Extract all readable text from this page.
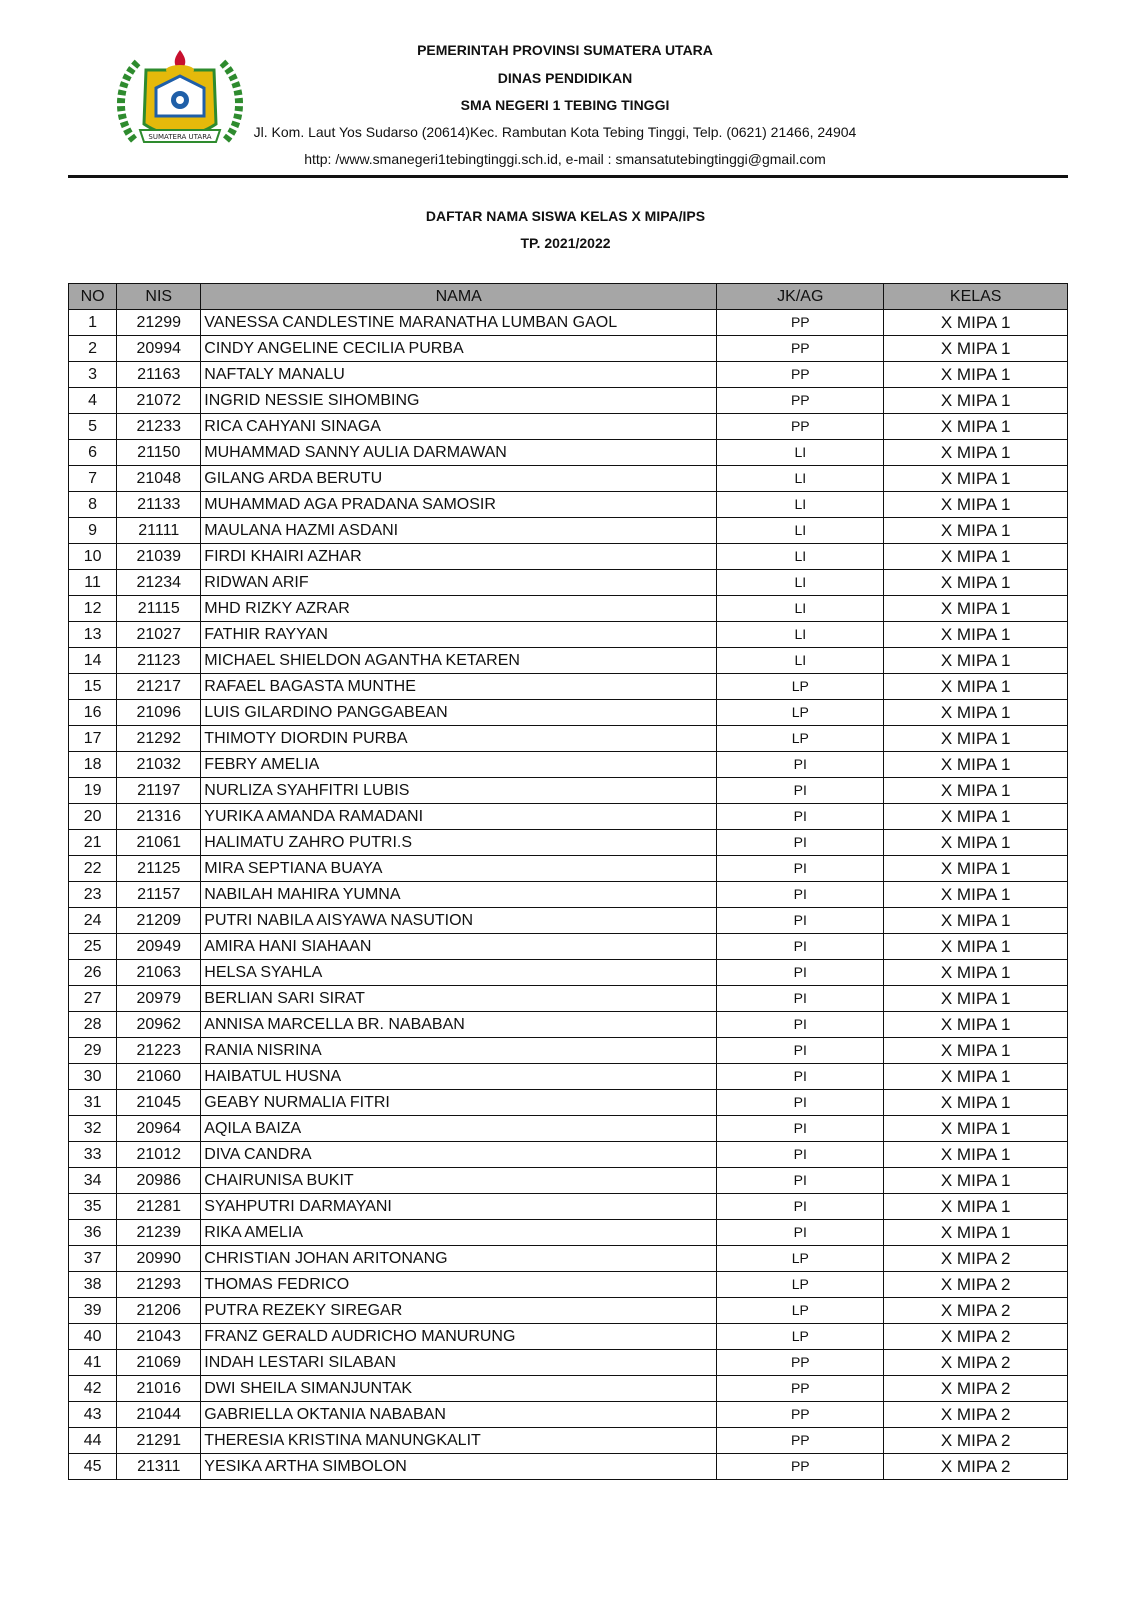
SUMATERA UTARA
PEMERINTAH PROVINSI SUMATERA UTARA
DINAS PENDIDIKAN
SMA NEGERI 1 TEBING TINGGI
Jl. Kom. Laut Yos Sudarso (20614)Kec. Rambutan Kota Tebing Tinggi, Telp. (0621) 21466, 24904
http: /www.smanegeri1tebingtinggi.sch.id, e-mail : smansatutebingtinggi@gmail.com
DAFTAR NAMA SISWA KELAS X MIPA/IPS
TP. 2021/2022
NO	NIS	NAMA	JK/AG	KELAS
1	21299	VANESSA CANDLESTINE MARANATHA LUMBAN GAOL	PP	X MIPA 1
2	20994	CINDY ANGELINE CECILIA PURBA	PP	X MIPA 1
3	21163	NAFTALY MANALU	PP	X MIPA 1
4	21072	INGRID NESSIE SIHOMBING	PP	X MIPA 1
5	21233	RICA CAHYANI SINAGA	PP	X MIPA 1
6	21150	MUHAMMAD SANNY AULIA DARMAWAN	LI	X MIPA 1
7	21048	GILANG ARDA BERUTU	LI	X MIPA 1
8	21133	MUHAMMAD AGA PRADANA SAMOSIR	LI	X MIPA 1
9	21111	MAULANA HAZMI ASDANI	LI	X MIPA 1
10	21039	FIRDI KHAIRI AZHAR	LI	X MIPA 1
11	21234	RIDWAN ARIF	LI	X MIPA 1
12	21115	MHD RIZKY AZRAR	LI	X MIPA 1
13	21027	FATHIR RAYYAN	LI	X MIPA 1
14	21123	MICHAEL SHIELDON AGANTHA KETAREN	LI	X MIPA 1
15	21217	RAFAEL BAGASTA MUNTHE	LP	X MIPA 1
16	21096	LUIS GILARDINO PANGGABEAN	LP	X MIPA 1
17	21292	THIMOTY DIORDIN PURBA	LP	X MIPA 1
18	21032	FEBRY AMELIA	PI	X MIPA 1
19	21197	NURLIZA SYAHFITRI LUBIS	PI	X MIPA 1
20	21316	YURIKA AMANDA RAMADANI	PI	X MIPA 1
21	21061	HALIMATU ZAHRO PUTRI.S	PI	X MIPA 1
22	21125	MIRA SEPTIANA BUAYA	PI	X MIPA 1
23	21157	NABILAH MAHIRA YUMNA	PI	X MIPA 1
24	21209	PUTRI NABILA AISYAWA NASUTION	PI	X MIPA 1
25	20949	AMIRA HANI SIAHAAN	PI	X MIPA 1
26	21063	HELSA SYAHLA	PI	X MIPA 1
27	20979	BERLIAN SARI SIRAT	PI	X MIPA 1
28	20962	ANNISA MARCELLA BR. NABABAN	PI	X MIPA 1
29	21223	RANIA NISRINA	PI	X MIPA 1
30	21060	HAIBATUL HUSNA	PI	X MIPA 1
31	21045	GEABY NURMALIA FITRI	PI	X MIPA 1
32	20964	AQILA BAIZA	PI	X MIPA 1
33	21012	DIVA CANDRA	PI	X MIPA 1
34	20986	CHAIRUNISA BUKIT	PI	X MIPA 1
35	21281	SYAHPUTRI DARMAYANI	PI	X MIPA 1
36	21239	RIKA AMELIA	PI	X MIPA 1
37	20990	CHRISTIAN JOHAN ARITONANG	LP	X MIPA 2
38	21293	THOMAS FEDRICO	LP	X MIPA 2
39	21206	PUTRA REZEKY SIREGAR	LP	X MIPA 2
40	21043	FRANZ GERALD AUDRICHO MANURUNG	LP	X MIPA 2
41	21069	INDAH LESTARI SILABAN	PP	X MIPA 2
42	21016	DWI SHEILA SIMANJUNTAK	PP	X MIPA 2
43	21044	GABRIELLA OKTANIA NABABAN	PP	X MIPA 2
44	21291	THERESIA KRISTINA MANUNGKALIT	PP	X MIPA 2
45	21311	YESIKA ARTHA SIMBOLON	PP	X MIPA 2
